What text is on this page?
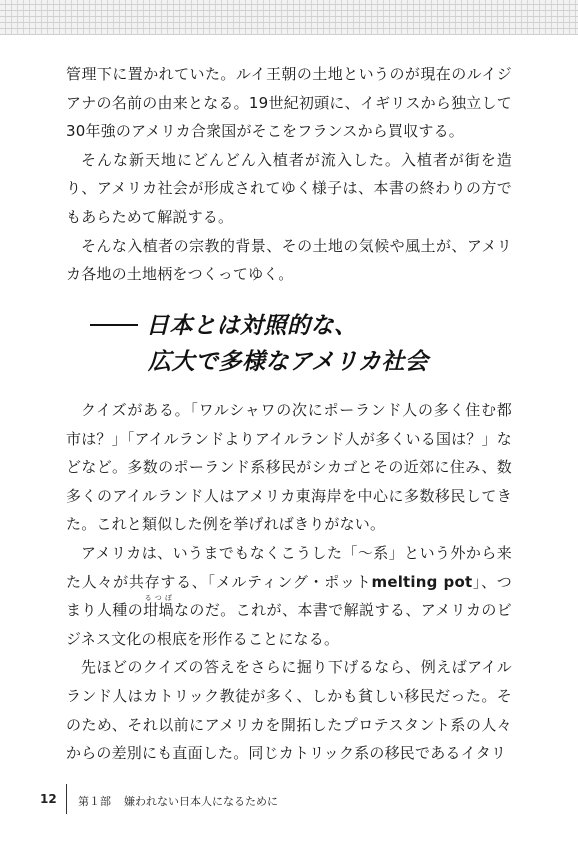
管理下に置かれていた。ルイ王朝の土地というのが現在のルイジアナの名前の由来となる。19世紀初頭に、イギリスから独立して30年強のアメリカ合衆国がそこをフランスから買収する。

そんな新天地にどんどん入植者が流入した。入植者が街を造り、アメリカ社会が形成されてゆく様子は、本書の終わりの方でもあらためて解説する。

そんな入植者の宗教的背景、その土地の気候や風土が、アメリカ各地の土地柄をつくってゆく。

日本とは対照的な、
広大で多様なアメリカ社会

クイズがある。「ワルシャワの次にポーランド人の多く住む都市は？」「アイルランドよりアイルランド人が多くいる国は？」などなど。多数のポーランド系移民がシカゴとその近郊に住み、数多くのアイルランド人はアメリカ東海岸を中心に多数移民してきた。これと類似した例を挙げればきりがない。

アメリカは、いうまでもなくこうした「〜系」という外から来た人々が共存する、「メルティング・ポットmelting pot」、つまり人種の坩堝るつぼなのだ。これが、本書で解説する、アメリカのビジネス文化の根底を形作ることになる。

先ほどのクイズの答えをさらに掘り下げるなら、例えばアイルランド人はカトリック教徒が多く、しかも貧しい移民だった。そのため、それ以前にアメリカを開拓したプロテスタント系の人々からの差別にも直面した。同じカトリック系の移民であるイタリ

12 第１部 嫌われない日本人になるために
